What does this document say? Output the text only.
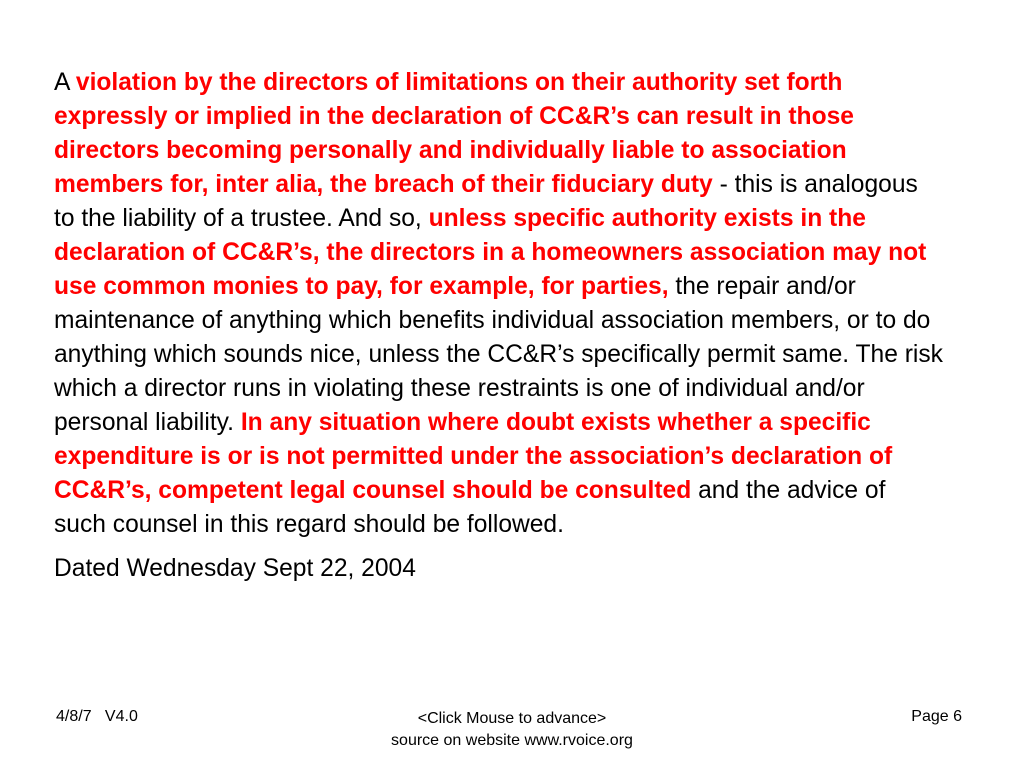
A violation by the directors of limitations on their authority set forth expressly or implied in the declaration of CC&R’s can result in those directors becoming personally and individually liable to association members for, inter alia, the breach of their fiduciary duty - this is analogous to the liability of a trustee. And so, unless specific authority exists in the declaration of CC&R’s, the directors in a homeowners association may not use common monies to pay, for example, for parties, the repair and/or maintenance of anything which benefits individual association members, or to do anything which sounds nice, unless the CC&R’s specifically permit same. The risk which a director runs in violating these restraints is one of individual and/or personal liability. In any situation where doubt exists whether a specific expenditure is or is not permitted under the association’s declaration of CC&R’s, competent legal counsel should be consulted and the advice of such counsel in this regard should be followed.

Dated Wednesday Sept 22, 2004

4/8/7   V4.0	<Click Mouse to advance>
source on website www.rvoice.org
Page 6
